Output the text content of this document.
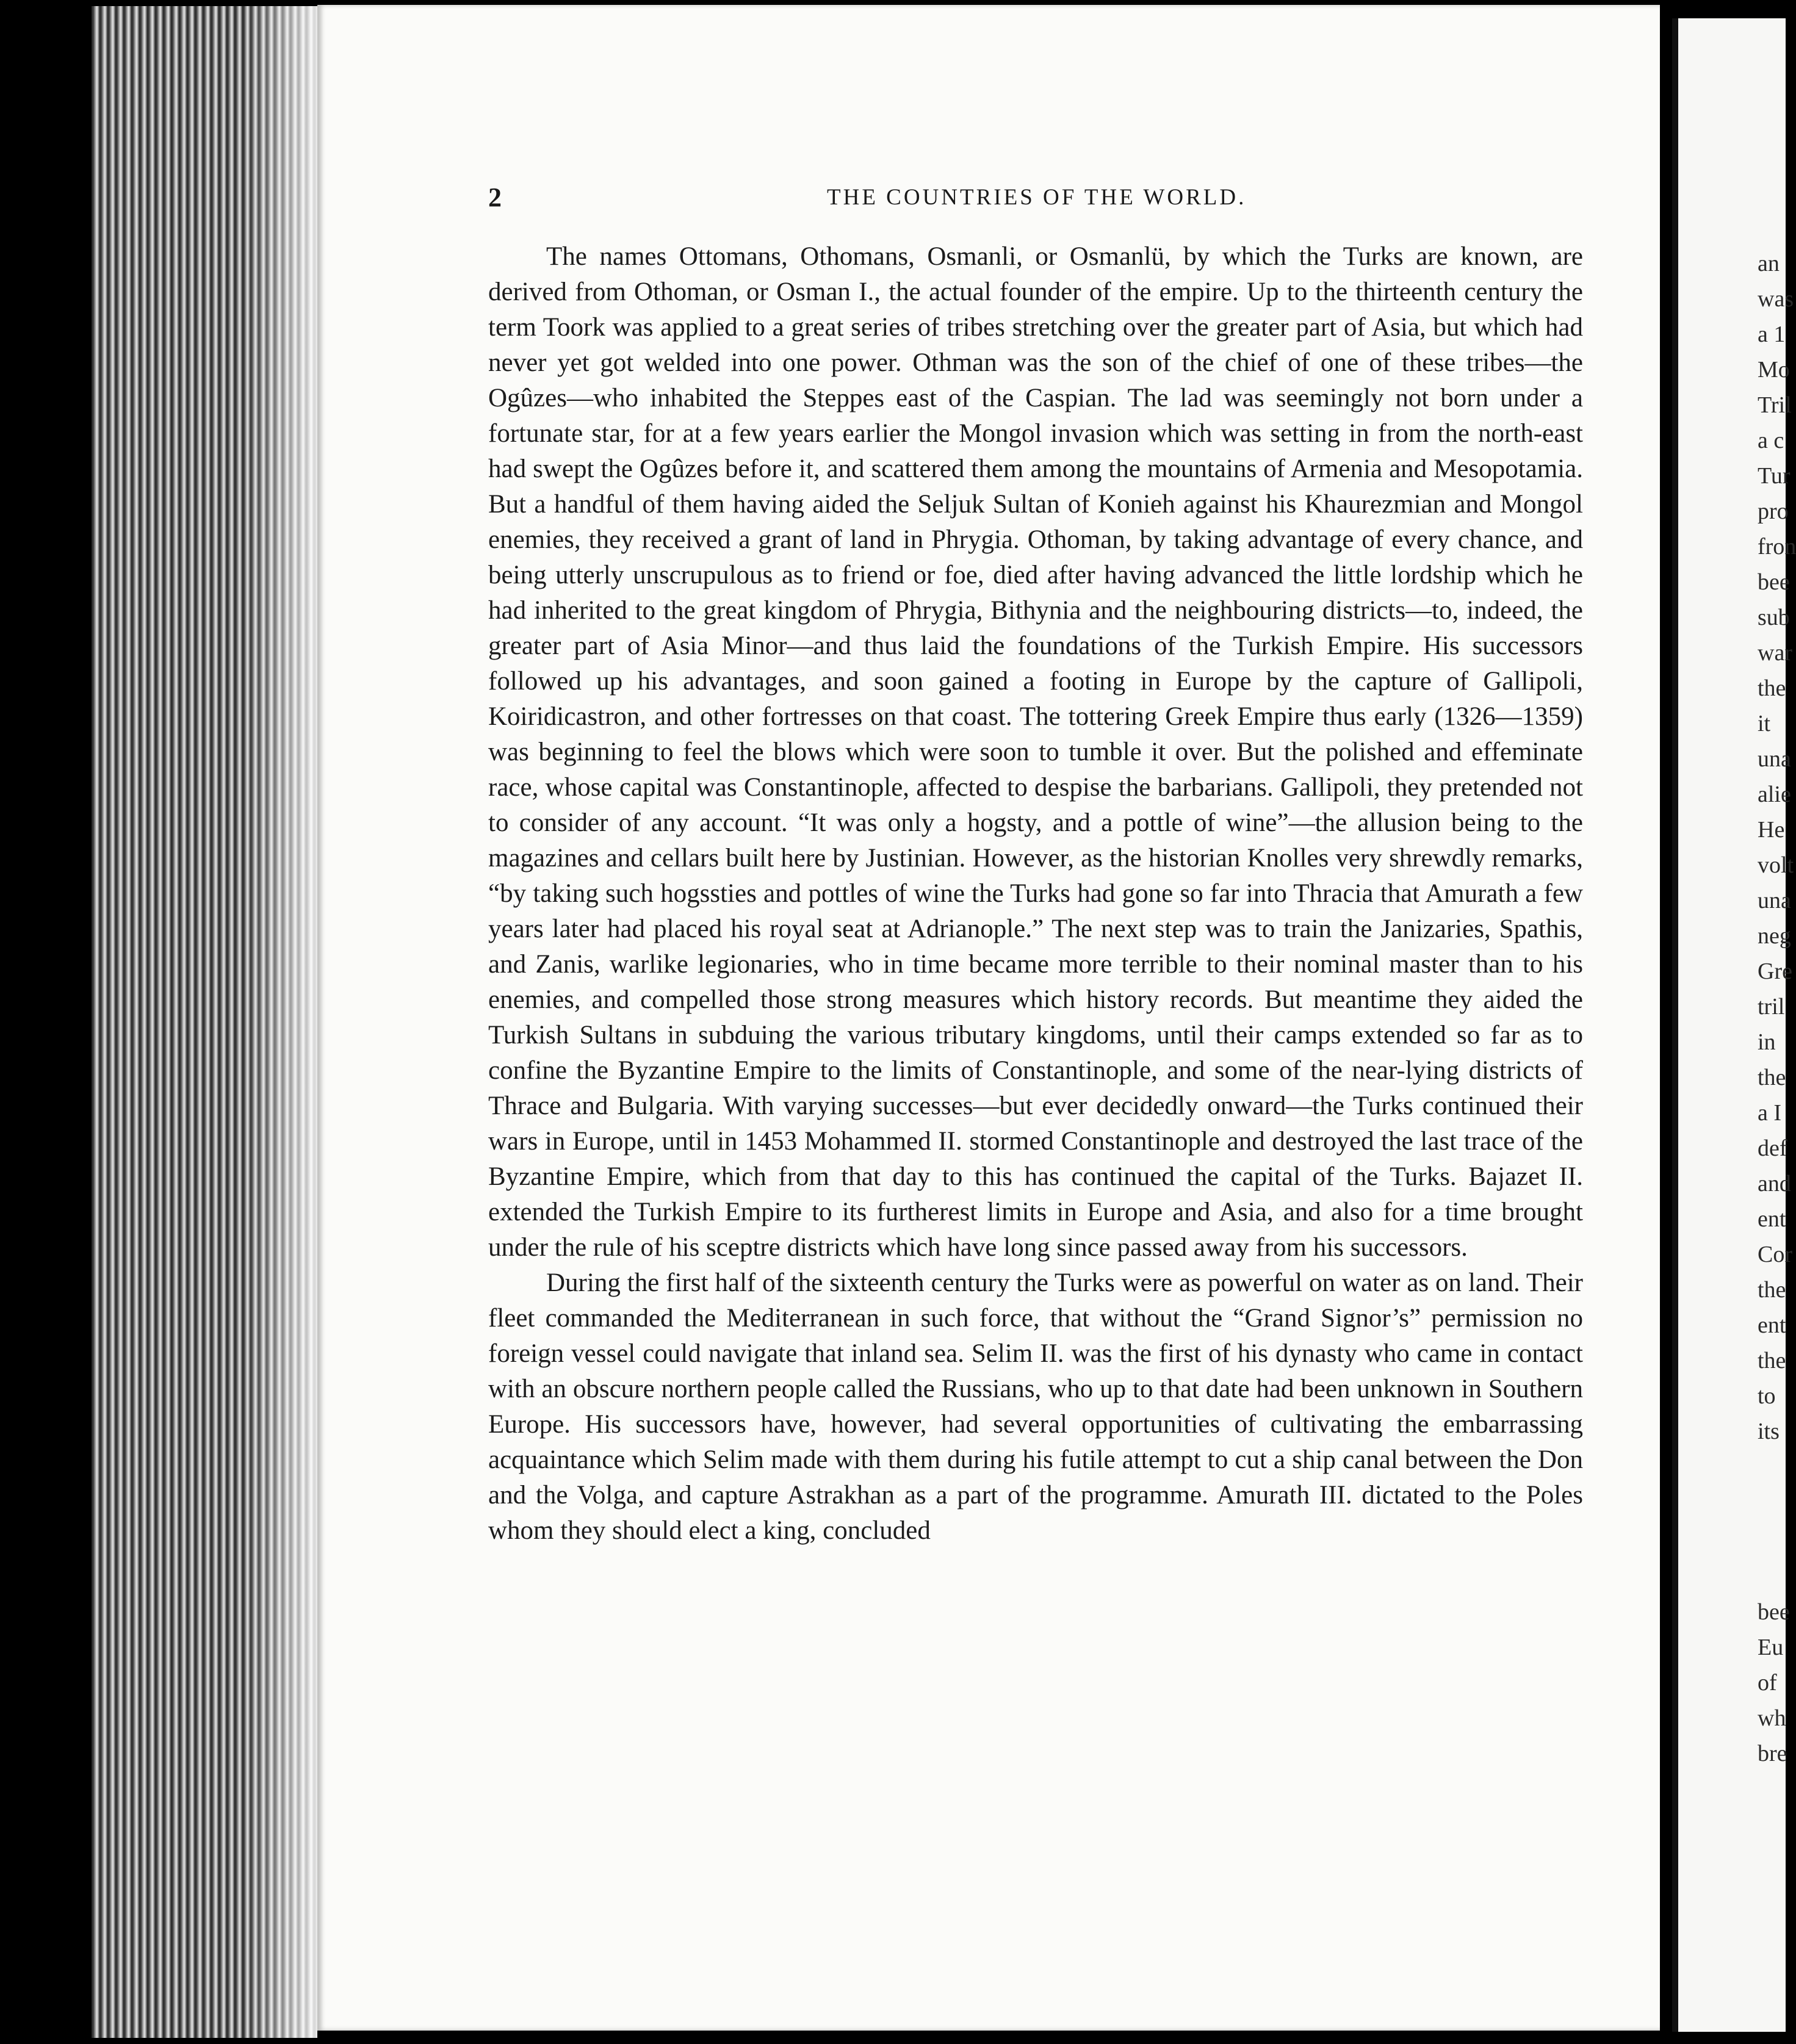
2	THE COUNTRIES OF THE WORLD.

The names Ottomans, Othomans, Osmanli, or Osmanlü, by which the Turks are known, are derived from Othoman, or Osman I., the actual founder of the empire. Up to the thirteenth century the term Toork was applied to a great series of tribes stretching over the greater part of Asia, but which had never yet got welded into one power. Othman was the son of the chief of one of these tribes—the Ogûzes—who inhabited the Steppes east of the Caspian. The lad was seemingly not born under a fortunate star, for at a few years earlier the Mongol invasion which was setting in from the north-east had swept the Ogûzes before it, and scattered them among the mountains of Armenia and Mesopotamia. But a handful of them having aided the Seljuk Sultan of Konieh against his Khaurezmian and Mongol enemies, they received a grant of land in Phrygia. Othoman, by taking advantage of every chance, and being utterly unscrupulous as to friend or foe, died after having advanced the little lordship which he had inherited to the great kingdom of Phrygia, Bithynia and the neighbouring districts—to, indeed, the greater part of Asia Minor—and thus laid the foundations of the Turkish Empire. His successors followed up his advantages, and soon gained a footing in Europe by the capture of Gallipoli, Koiridicastron, and other fortresses on that coast. The tottering Greek Empire thus early (1326—1359) was beginning to feel the blows which were soon to tumble it over. But the polished and effeminate race, whose capital was Constantinople, affected to despise the barbarians. Gallipoli, they pretended not to consider of any account. “It was only a hogsty, and a pottle of wine”—the allusion being to the magazines and cellars built here by Justinian. However, as the historian Knolles very shrewdly remarks, “by taking such hogssties and pottles of wine the Turks had gone so far into Thracia that Amurath a few years later had placed his royal seat at Adrianople.” The next step was to train the Janizaries, Spathis, and Zanis, warlike legionaries, who in time became more terrible to their nominal master than to his enemies, and compelled those strong measures which history records. But meantime they aided the Turkish Sultans in subduing the various tributary kingdoms, until their camps extended so far as to confine the Byzantine Empire to the limits of Constantinople, and some of the near-lying districts of Thrace and Bulgaria. With varying successes—but ever decidedly onward—the Turks continued their wars in Europe, until in 1453 Mohammed II. stormed Constantinople and destroyed the last trace of the Byzantine Empire, which from that day to this has continued the capital of the Turks. Bajazet II. extended the Turkish Empire to its furtherest limits in Europe and Asia, and also for a time brought under the rule of his sceptre districts which have long since passed away from his successors.

During the first half of the sixteenth century the Turks were as powerful on water as on land. Their fleet commanded the Mediterranean in such force, that without the “Grand Signor’s” permission no foreign vessel could navigate that inland sea. Selim II. was the first of his dynasty who came in contact with an obscure northern people called the Russians, who up to that date had been unknown in Southern Europe. His successors have, however, had several opportunities of cultivating the embarrassing acquaintance which Selim made with them during his futile attempt to cut a ship canal between the Don and the Volga, and capture Astrakhan as a part of the programme. Amurath III. dictated to the Poles whom they should elect a king, concluded

an
was
a 1
Mo
Tril
a c
Tur
pro
fron
bee
sub
war
the
it
una
alie
He
volt
una
neg
Gre
tril
in
the
a I
def
and
ent
Cor
the
ent
the
to
its
bee
Eu
of
wh
bre
